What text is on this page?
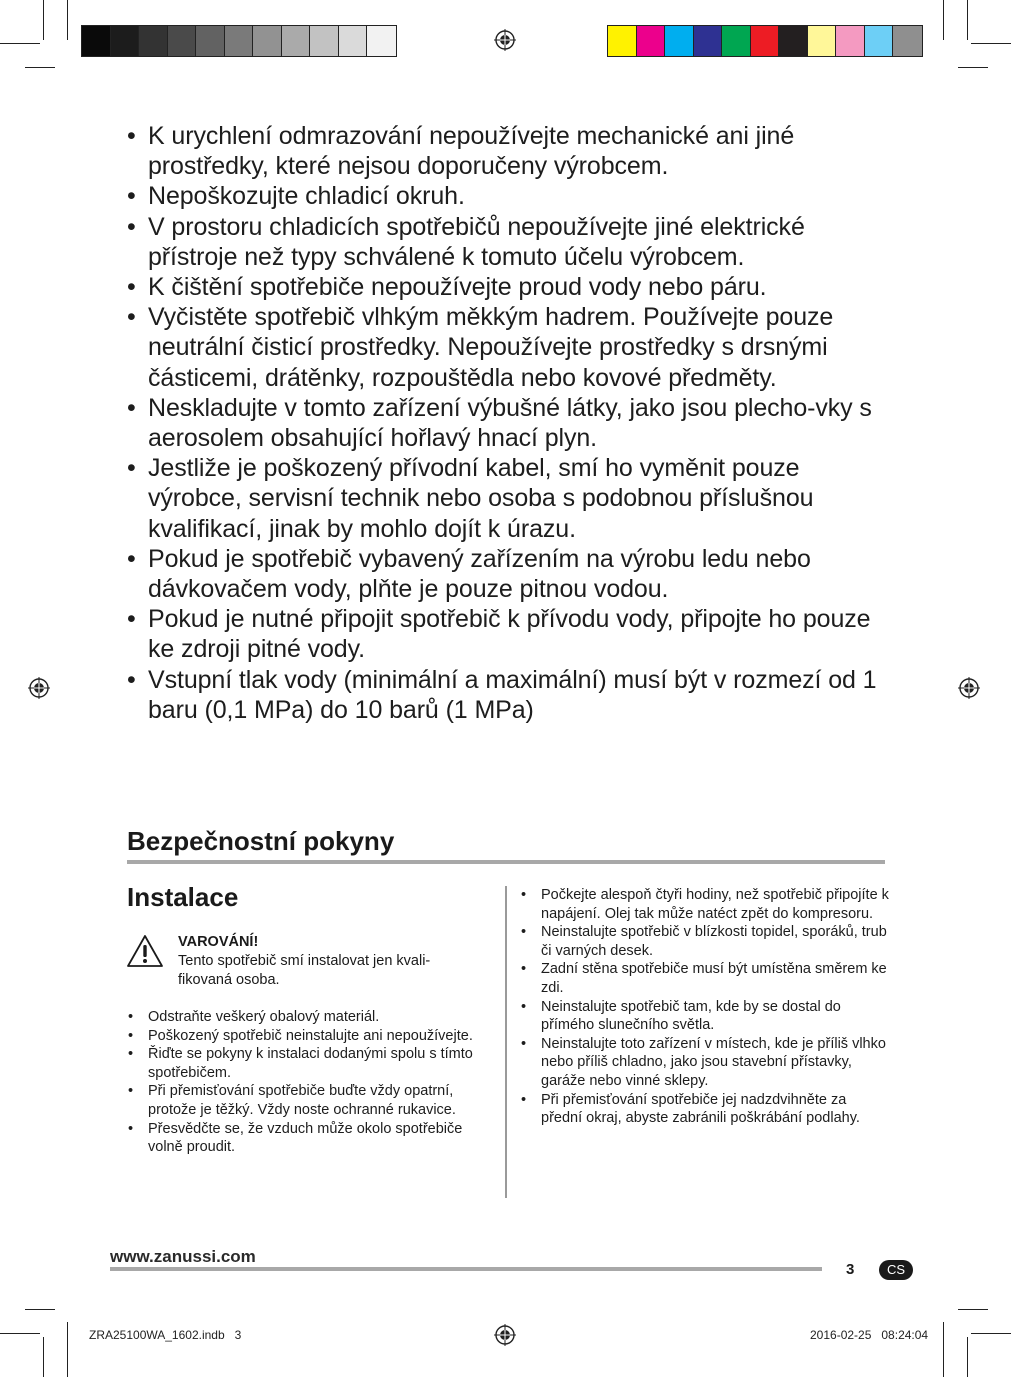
• K urychlení odmrazování nepoužívejte mechanické ani jiné prostředky, které nejsou doporučeny výrobcem.
• Nepoškozujte chladicí okruh.
• V prostoru chladicích spotřebičů nepoužívejte jiné elektrické přístroje než typy schválené k tomuto účelu výrobcem.
• K čištění spotřebiče nepoužívejte proud vody nebo páru.
• Vyčistěte spotřebič vlhkým měkkým hadrem. Používejte pouze neutrální čisticí prostředky. Nepoužívejte prostředky s drsnými částicemi, drátěnky, rozpouštědla nebo kovové předměty.
• Neskladujte v tomto zařízení výbušné látky, jako jsou plecho-vky s aerosolem obsahující hořlavý hnací plyn.
• Jestliže je poškozený přívodní kabel, smí ho vyměnit pouze výrobce, servisní technik nebo osoba s podobnou příslušnou kvalifikací, jinak by mohlo dojít k úrazu.
• Pokud je spotřebič vybavený zařízením na výrobu ledu nebo dávkovačem vody, plňte je pouze pitnou vodou.
• Pokud je nutné připojit spotřebič k přívodu vody, připojte ho pouze ke zdroji pitné vody.
• Vstupní tlak vody (minimální a maximální) musí být v rozmezí od 1 baru (0,1 MPa) do 10 barů (1 MPa)
Bezpečnostní pokyny
Instalace
VAROVÁNÍ!
Tento spotřebič smí instalovat jen kvali-fikovaná osoba.
• Odstraňte veškerý obalový materiál.
• Poškozený spotřebič neinstalujte ani nepoužívejte.
• Řiďte se pokyny k instalaci dodanými spolu s tímto spotřebičem.
• Při přemisťování spotřebiče buďte vždy opatrní, protože je těžký. Vždy noste ochranné rukavice.
• Přesvědčte se, že vzduch může okolo spotřebiče volně proudit.
• Počkejte alespoň čtyři hodiny, než spotřebič připojíte k napájení. Olej tak může natéct zpět do kompresoru.
• Neinstalujte spotřebič v blízkosti topidel, sporáků, trub či varných desek.
• Zadní stěna spotřebiče musí být umístěna směrem ke zdi.
• Neinstalujte spotřebič tam, kde by se dostal do přímého slunečního světla.
• Neinstalujte toto zařízení v místech, kde je příliš vlhko nebo příliš chladno, jako jsou stavební přístavky, garáže nebo vinné sklepy.
• Při přemisťování spotřebiče jej nadzdvihněte za přední okraj, abyste zabránili poškrábání podlahy.
www.zanussi.com
3	CS
ZRA25100WA_1602.indb   3	2016-02-25   08:24:04
